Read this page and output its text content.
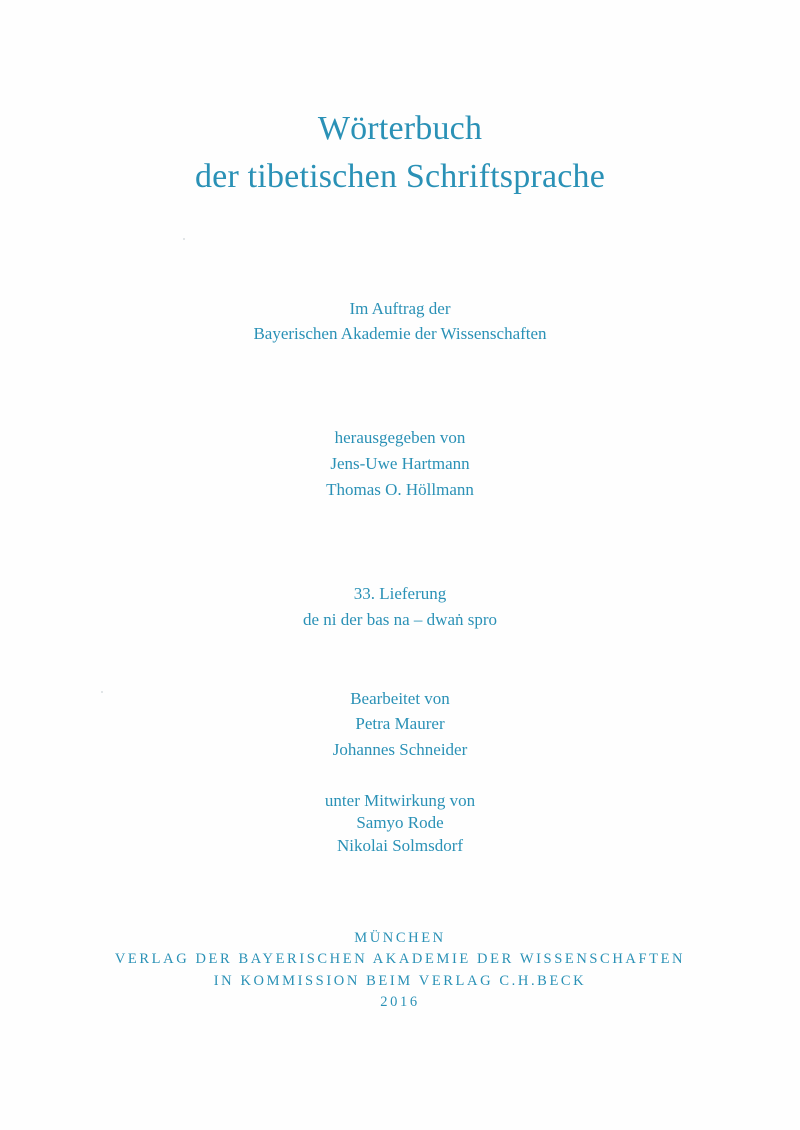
Wörterbuch
der tibetischen Schriftsprache
Im Auftrag der
Bayerischen Akademie der Wissenschaften
herausgegeben von
Jens-Uwe Hartmann
Thomas O. Höllmann
33. Lieferung
de ni der bas na – dwaṅ spro
Bearbeitet von
Petra Maurer
Johannes Schneider
unter Mitwirkung von
Samyo Rode
Nikolai Solmsdorf
MÜNCHEN
VERLAG DER BAYERISCHEN AKADEMIE DER WISSENSCHAFTEN
IN KOMMISSION BEIM VERLAG C.H.BECK
2016
